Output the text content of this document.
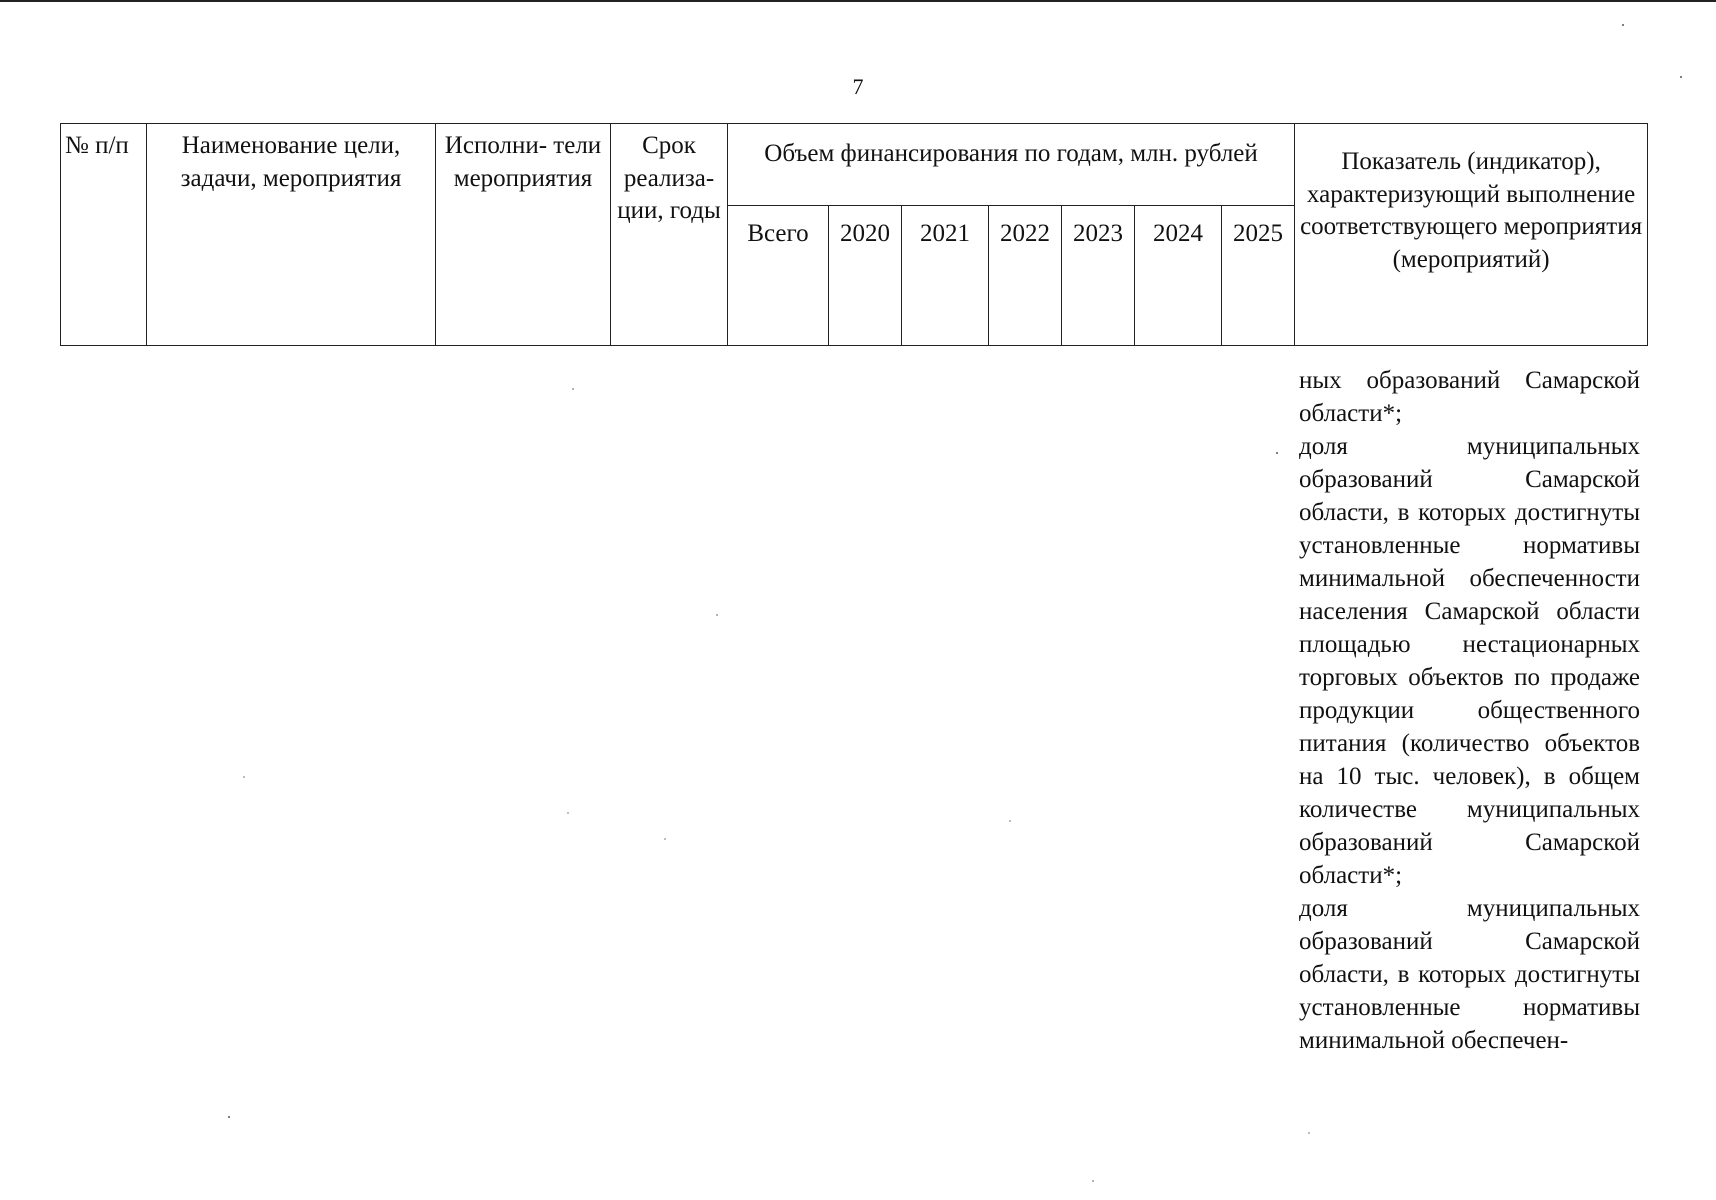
7
№ п/п	Наименование цели, задачи, мероприятия	Исполни- тели мероприятия	Срок реализа- ции, годы	Объем финансирования по годам, млн. рублей							Показатель (индикатор), характеризующий выполнение соответствующего мероприятия (мероприятий)
				Всего	2020	2021	2022	2023	2024	2025	

ных образований Самарской области*;

доля муниципальных образований Самарской области, в которых достигнуты установленные нормативы минимальной обеспеченности населения Самарской области площадью нестационарных торговых объектов по продаже продукции общественного питания (количество объектов на 10 тыс. человек), в общем количестве муниципальных образований Самарской области*;

доля муниципальных образований Самарской области, в которых достигнуты установленные нормативы минимальной обеспечен-
